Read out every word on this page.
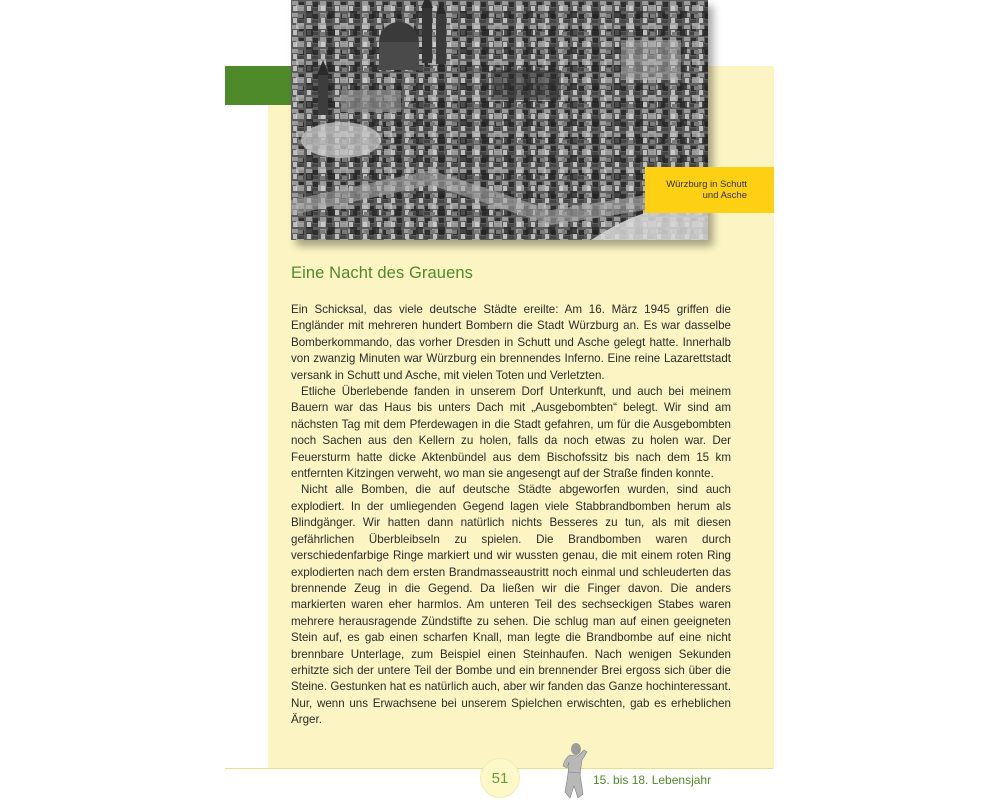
Würzburg in Schutt
und Asche
Eine Nacht des Grauens

Ein Schicksal, das viele deutsche Städte ereilte: Am 16. März 1945 griffen die Engländer mit mehreren hundert Bombern die Stadt Würzburg an. Es war dasselbe Bomberkommando, das vorher Dresden in Schutt und Asche gelegt hatte. Innerhalb von zwanzig Minuten war Würzburg ein brennendes Inferno. Eine reine Lazarettstadt versank in Schutt und Asche, mit vielen Toten und Verletzten.

Etliche Überlebende fanden in unserem Dorf Unterkunft, und auch bei meinem Bauern war das Haus bis unters Dach mit „Ausgebombten“ belegt. Wir sind am nächsten Tag mit dem Pferdewagen in die Stadt gefahren, um für die Ausgebombten noch Sachen aus den Kellern zu holen, falls da noch etwas zu holen war. Der Feuersturm hatte dicke Aktenbündel aus dem Bischofssitz bis nach dem 15 km entfernten Kitzingen verweht, wo man sie angesengt auf der Straße finden konnte.

Nicht alle Bomben, die auf deutsche Städte abgeworfen wurden, sind auch explodiert. In der umliegenden Gegend lagen viele Stabbrandbomben herum als Blindgänger. Wir hatten dann natürlich nichts Besseres zu tun, als mit diesen gefährlichen Überbleibseln zu spielen. Die Brandbomben waren durch verschiedenfarbige Ringe markiert und wir wussten genau, die mit einem roten Ring explodierten nach dem ersten Brandmasseaustritt noch einmal und schleuderten das brennende Zeug in die Gegend. Da ließen wir die Finger davon. Die anders markierten waren eher harmlos. Am unteren Teil des sechseckigen Stabes waren mehrere herausragende Zündstifte zu sehen. Die schlug man auf einen geeigneten Stein auf, es gab einen scharfen Knall, man legte die Brandbombe auf eine nicht brennbare Unterlage, zum Beispiel einen Steinhaufen. Nach wenigen Sekunden erhitzte sich der untere Teil der Bombe und ein brennender Brei ergoss sich über die Steine. Gestunken hat es natürlich auch, aber wir fanden das Ganze hochinteressant. Nur, wenn uns Erwachsene bei unserem Spielchen erwischten, gab es erheblichen Ärger.

51	15. bis 18. Lebensjahr
